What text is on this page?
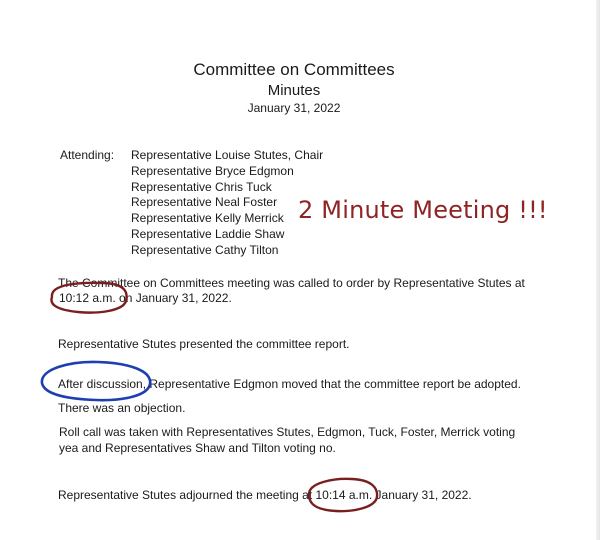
Committee on Committees
Minutes
January 31, 2022
Attending: Representative Louise Stutes, Chair
Representative Bryce Edgmon
Representative Chris Tuck
Representative Neal Foster
Representative Kelly Merrick
Representative Laddie Shaw
Representative Cathy Tilton
2 Minute Meeting !!!

The Committee on Committees meeting was called to order by Representative Stutes at

10:12 a.m. on January 31, 2022.

Representative Stutes presented the committee report.

After discussion, Representative Edgmon moved that the committee report be adopted.

There was an objection.

Roll call was taken with Representatives Stutes, Edgmon, Tuck, Foster, Merrick voting

yea and Representatives Shaw and Tilton voting no.

Representative Stutes adjourned the meeting at 10:14 a.m. January 31, 2022.
